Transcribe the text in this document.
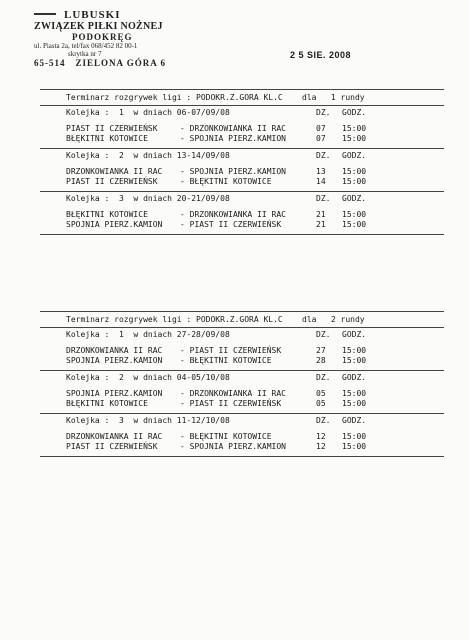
LUBUSKI
ZWIĄZEK PIŁKI NOŻNEJ
PODOKRĘG
ul. Piasta 2a, tel/fax 068/452 82 00-1
skrytka nr 7
65-514 ZIELONA GÓRA 6
2 5 SIE. 2008
Terminarz rozgrywek ligi : PODOKR.Z.GORA KL.C    dla   1 rundy
Kolejka :  1  w dniach 06-07/09/08	DZ. GODZ.
PIAST II CZERWIEŃSK	- DRZONKOWIANKA II RAC	07 15:00
BŁĘKITNI KOTOWICE	- SPOJNIA PIERZ.KAMION	07 15:00
Kolejka :  2  w dniach 13-14/09/08	DZ. GODZ.
DRZONKOWIANKA II RAC - SPOJNIA PIERZ.KAMION	13 15:00
PIAST II CZERWIEŃSK	- BŁĘKITNI KOTOWICE	14 15:00
Kolejka :  3  w dniach 20-21/09/08	DZ. GODZ.
BŁĘKITNI KOTOWICE	- DRZONKOWIANKA II RAC	21 15:00
SPOJNIA PIERZ.KAMION - PIAST II CZERWIEŃSK	21 15:00
Terminarz rozgrywek ligi : PODOKR.Z.GORA KL.C    dla   2 rundy
Kolejka :  1  w dniach 27-28/09/08	DZ. GODZ.
DRZONKOWIANKA II RAC - PIAST II CZERWIEŃSK	27 15:00
SPOJNIA PIERZ.KAMION - BŁĘKITNI KOTOWICE	28 15:00
Kolejka :  2  w dniach 04-05/10/08	DZ. GODZ.
SPOJNIA PIERZ.KAMION - DRZONKOWIANKA II RAC	05 15:00
BŁĘKITNI KOTOWICE	- PIAST II CZERWIEŃSK	05 15:00
Kolejka :  3  w dniach 11-12/10/08	DZ. GODZ.
DRZONKOWIANKA II RAC - BŁĘKITNI KOTOWICE	12 15:00
PIAST II CZERWIEŃSK	- SPOJNIA PIERZ.KAMION	12 15:00
